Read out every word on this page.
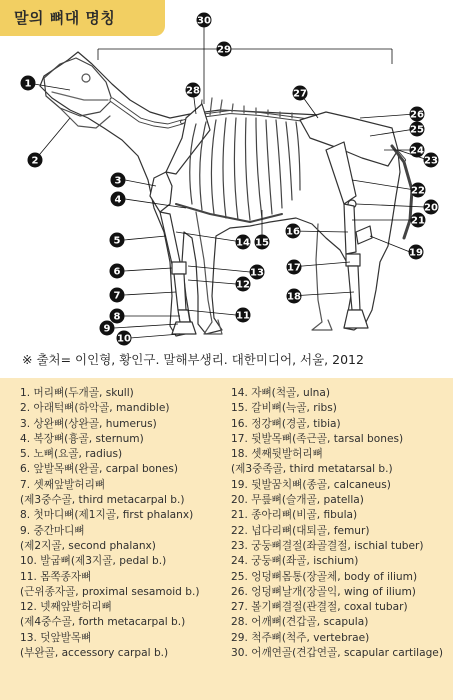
1
2
3
4
5
6
7
8
9
10
11
12
13
14 15
16
17
18
19
20
21
22
23
24
25
26
27
28
29
30
말의 뼈대 명칭
※ 출처= 이인형, 황인구. 말해부생리. 대한미디어, 서울, 2012
1. 머리뼈(두개골, skull)
2. 아래턱뼈(하악골, mandible)
3. 상완뼈(상완골, humerus)
4. 복장뼈(흉골, sternum)
5. 노뼈(요골, radius)
6. 앞발목뼈(완골, carpal bones)
7. 셋째앞발허리뼈
(제3중수골, third metacarpal b.)
8. 첫마디뼈(제1지골, first phalanx)
9. 중간마디뼈
(제2지골, second phalanx)
10. 발굽뼈(제3지골, pedal b.)
11. 몸쪽종자뼈
(근위종자골, proximal sesamoid b.)
12. 넷째앞발허리뼈
(제4중수골, forth metacarpal b.)
13. 덧앞발목뼈
(부완골, accessory carpal b.)
14. 자뼈(척골, ulna)
15. 갈비뼈(늑골, ribs)
16. 정강뼈(경골, tibia)
17. 뒷발목뼈(족근골, tarsal bones)
18. 셋째뒷발허리뼈
(제3중족골, third metatarsal b.)
19. 뒷발꿈치뼈(종골, calcaneus)
20. 무릎뼈(슬개골, patella)
21. 종아리뼈(비골, fibula)
22. 넙다리뼈(대퇴골, femur)
23. 궁둥뼈결절(좌골결절, ischial tuber)
24. 궁둥뼈(좌골, ischium)
25. 엉덩뼈몸통(장골체, body of ilium)
26. 엉덩뼈날개(장골익, wing of ilium)
27. 볼기뼈결절(관결절, coxal tubar)
28. 어깨뼈(견갑골, scapula)
29. 척주뼈(척주, vertebrae)
30. 어깨연골(견갑연골, scapular cartilage)
